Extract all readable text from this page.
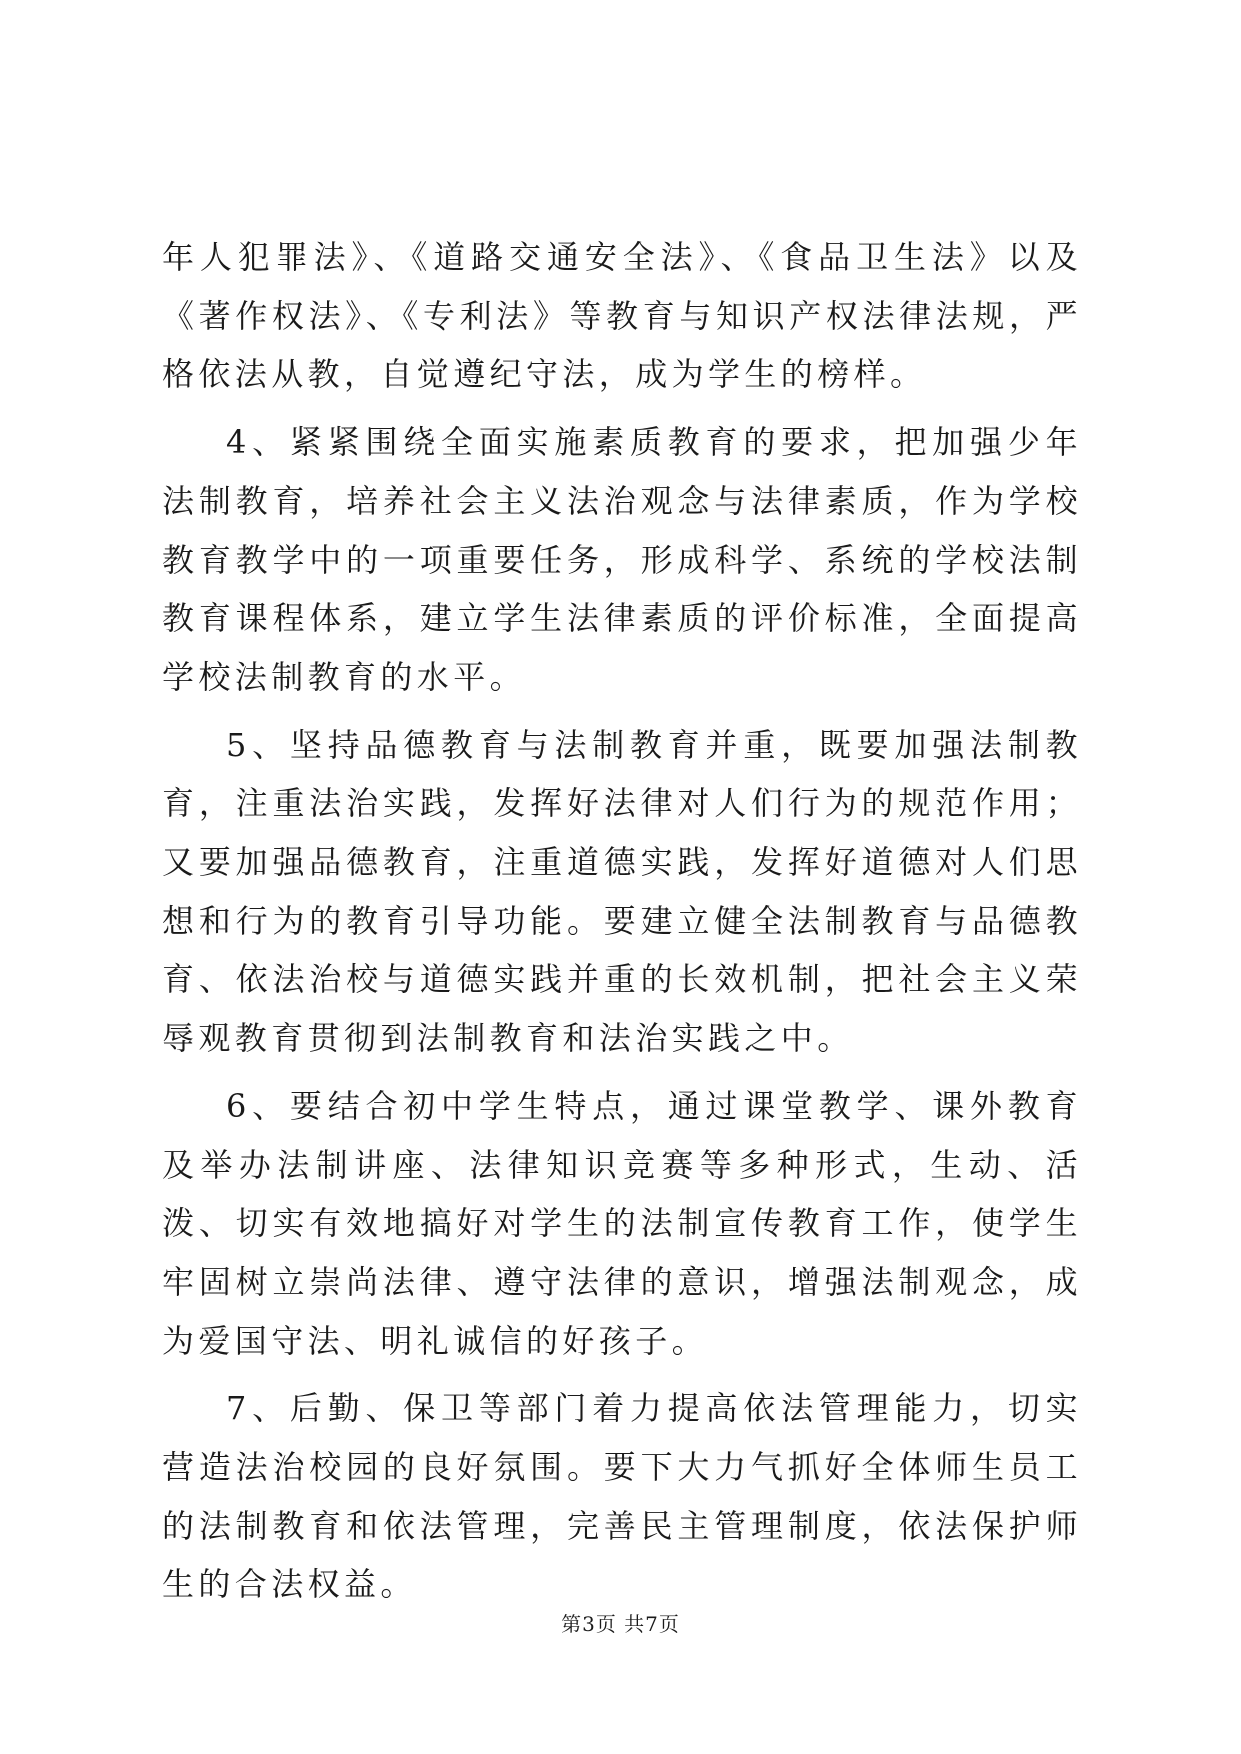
年人犯罪法》、《道路交通安全法》、《食品卫生法》以及《著作权法》、《专利法》等教育与知识产权法律法规，严格依法从教，自觉遵纪守法，成为学生的榜样。

4、紧紧围绕全面实施素质教育的要求，把加强少年法制教育，培养社会主义法治观念与法律素质，作为学校教育教学中的一项重要任务，形成科学、系统的学校法制教育课程体系，建立学生法律素质的评价标准，全面提高学校法制教育的水平。

5、坚持品德教育与法制教育并重，既要加强法制教育，注重法治实践，发挥好法律对人们行为的规范作用；又要加强品德教育，注重道德实践，发挥好道德对人们思想和行为的教育引导功能。要建立健全法制教育与品德教育、依法治校与道德实践并重的长效机制，把社会主义荣辱观教育贯彻到法制教育和法治实践之中。

6、要结合初中学生特点，通过课堂教学、课外教育及举办法制讲座、法律知识竞赛等多种形式，生动、活泼、切实有效地搞好对学生的法制宣传教育工作，使学生牢固树立崇尚法律、遵守法律的意识，增强法制观念，成为爱国守法、明礼诚信的好孩子。

7、后勤、保卫等部门着力提高依法管理能力，切实营造法治校园的良好氛围。要下大力气抓好全体师生员工的法制教育和依法管理，完善民主管理制度，依法保护师生的合法权益。

第3页 共7页
